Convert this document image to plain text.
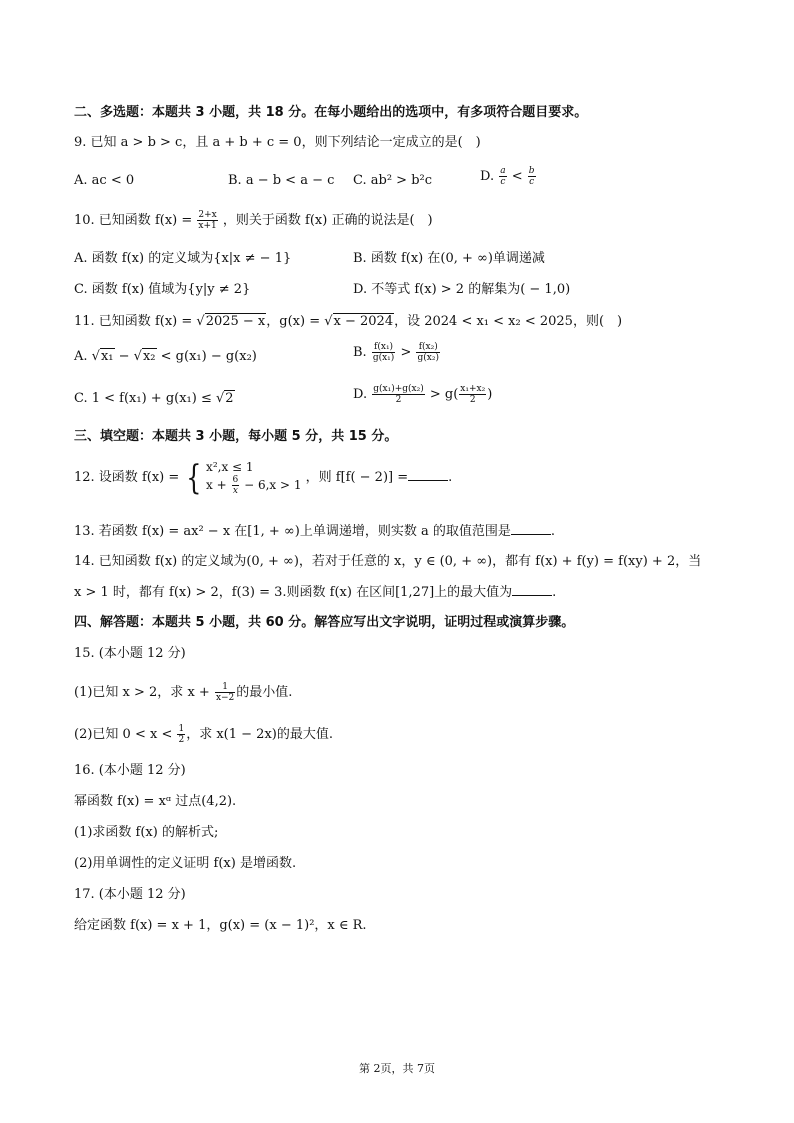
二、多选题：本题共 3 小题，共 18 分。在每小题给出的选项中，有多项符合题目要求。
9. 已知 a > b > c，且 a + b + c = 0，则下列结论一定成立的是(　)
A. ac < 0	B. a − b < a − c C. ab² > b²c	D. $\frac{a}{c} < \frac{b}{c}$
10. 已知函数 $f(x) = \frac{2+x}{x+1}$ ，则关于函数 f(x) 正确的说法是(　)
A. 函数 f(x) 的定义域为{x|x ≠ − 1}	B. 函数 f(x) 在(0, + ∞)单调递减
C. 函数 f(x) 值域为{y|y ≠ 2}	D. 不等式 f(x) > 2 的解集为( − 1,0)
11. 已知函数 f(x) = √2025 − x，g(x) = √x − 2024，设 2024 < x₁ < x₂ < 2025，则(　)
A. √x₁ − √x₂ < g(x₁) − g(x₂)	B. $\frac{\text{f(x₁)}}{\text{g(x₁)}} > \frac{\text{f(x₂)}}{\text{g(x₂)}}$
C. 1 < f(x₁) + g(x₁) ≤ √2	D. $\frac{\text{g(x₁)+g(x₂)}}{2} > g( \frac{\text{x₁+x₂}}{2}$ )
三、填空题：本题共 3 小题，每小题 5 分，共 15 分。
12. 设函数 f(x) = { x²,x ≤ 1
$x + \frac{6}{x} - 6,x > 1$ ，则 f[f( − 2)] =	.
13. 若函数 f(x) = ax² − x 在[1, + ∞)上单调递增，则实数 a 的取值范围是	.
14. 已知函数 f(x) 的定义域为(0, + ∞)，若对于任意的 x，y ∈ (0, + ∞)，都有 f(x) + f(y) = f(xy) + 2，当
x > 1 时，都有 f(x) > 2，f(3) = 3.则函数 f(x) 在区间[1,27]上的最大值为	.
四、解答题：本题共 5 小题，共 60 分。解答应写出文字说明，证明过程或演算步骤。
15. (本小题 12 分)
(1)已知 x > 2，求 $x + \frac{1}{x-2}$ 的最小值.
(2)已知 $0 < x < \frac{1}{2}$ ，求 x(1 − 2x)的最大值.
16. (本小题 12 分)
幂函数 f(x) = xᵅ 过点(4,2).
(1)求函数 f(x) 的解析式;
(2)用单调性的定义证明 f(x) 是增函数.
17. (本小题 12 分)
给定函数 f(x) = x + 1，g(x) = (x − 1)²，x ∈ R.
第 2页，共 7页
